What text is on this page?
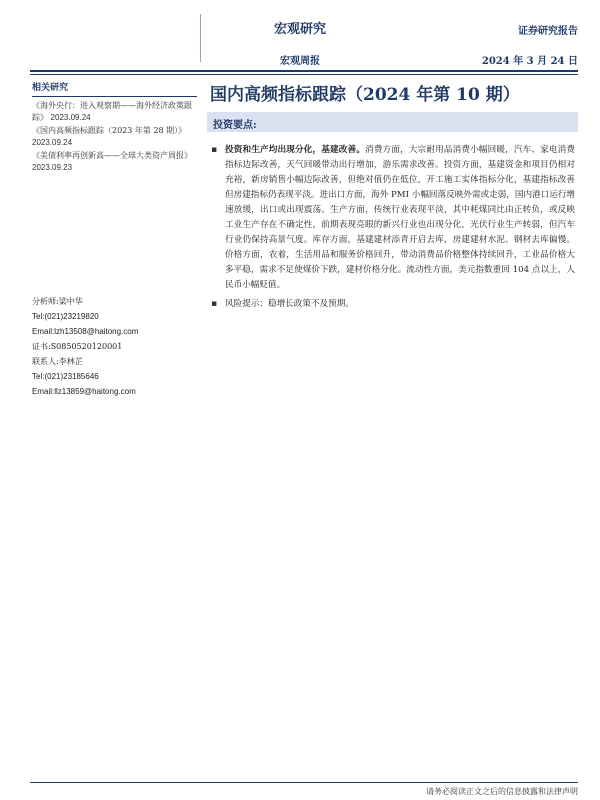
宏观研究	证券研究报告
宏观周报	2024 年 3 月 24 日
相关研究
《海外央行：进入观察期——海外经济政策跟踪》 2023.09.24
《国内高频指标跟踪（2023 年第 28 期）》 2023.09.24
《美债利率再创新高——全球大类资产周报》 2023.09.23
分析师:梁中华
Tel:(021)23219820
Email:lzh13508@haitong.com
证书:S0850520120001
联系人:李林芷
Tel:(021)23185646
Email:llz13859@haitong.com
国内高频指标跟踪（2024 年第 10 期）
投资要点:
▪ 投资和生产均出现分化，基建改善。消费方面，大宗耐用品消费小幅回暖，汽车、家电消费指标边际改善，天气回暖带动出行增加，游乐需求改善。投资方面，基建资金和项目仍相对充裕，新房销售小幅边际改善，但绝对值仍在低位，开工施工实体指标分化，基建指标改善但房建指标仍表现平淡。进出口方面，海外 PMI 小幅回落反映外需或走弱，国内港口运行增速放缓，出口或出现震荡。生产方面，传统行业表现平淡，其中耗煤同比由正转负，或反映工业生产存在不确定性，前期表现亮眼的新兴行业也出现分化，光伏行业生产转弱，但汽车行业仍保持高景气度。库存方面，基建建材添青开启去库，房建建材水泥、钢材去库偏慢。价格方面，农着，生活用品和服务价格回升，带动消费品价格整体持续回升，工业品价格大多平稳，需求不足使煤价下跌，建材价格分化。流动性方面，美元指数重回 104 点以上，人民币小幅贬值。
▪ 风险提示：稳增长政策不及预期。
请务必阅读正文之后的信息披露和法律声明
